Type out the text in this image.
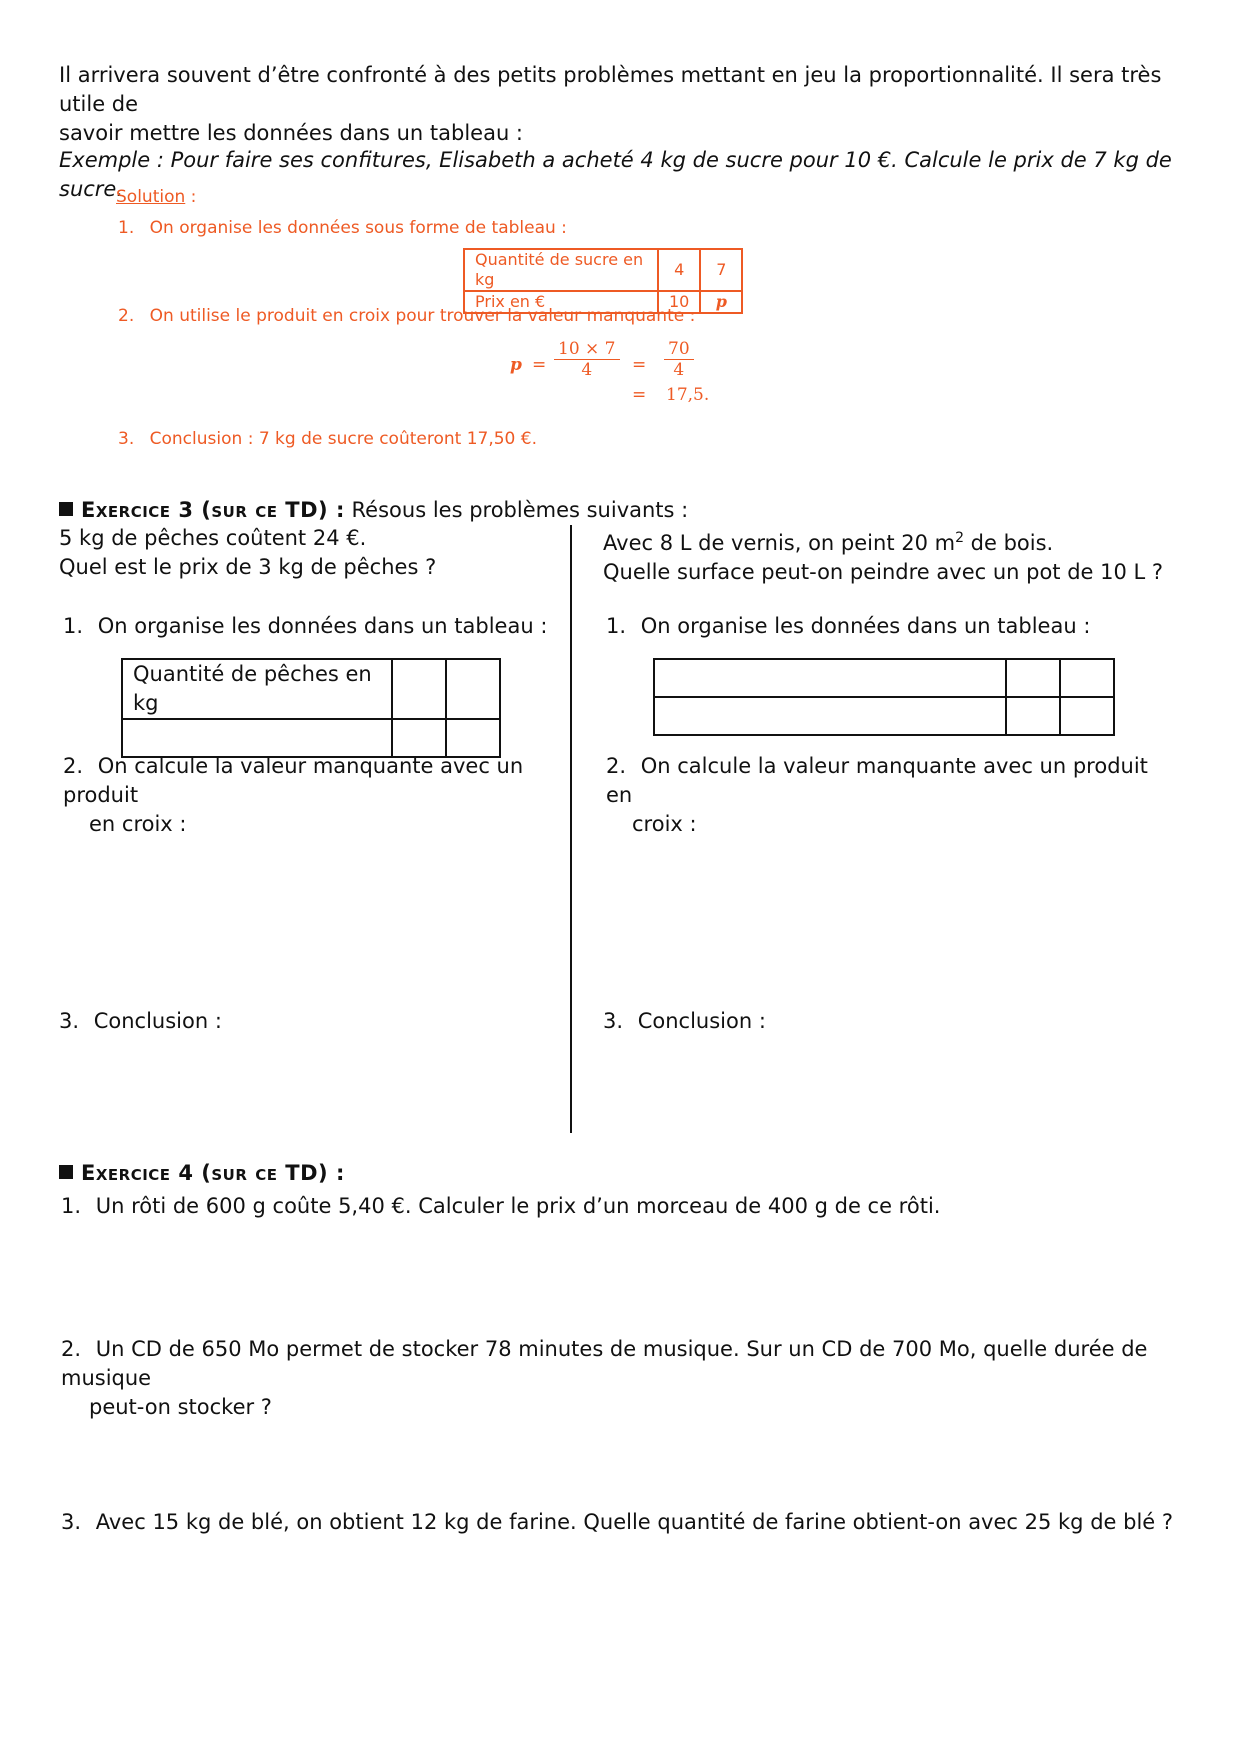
Il arrivera souvent d’être confronté à des petits problèmes mettant en jeu la proportionnalité. Il sera très utile de
savoir mettre les données dans un tableau :
Exemple : Pour faire ses confitures, Elisabeth a acheté 4 kg de sucre pour 10 €. Calcule le prix de 7 kg de sucre.
Solution :
1. On organise les données sous forme de tableau :
Quantité de sucre en kg	4	7
Prix en €	10	p
2. On utilise le produit en croix pour trouver la valeur manquante :
$p = \frac{10 \times 7}{4} = \frac{70}{4}$
= 17,5.
3. Conclusion : 7 kg de sucre coûteront 17,50 €.
Exercice 3 (sur ce TD) : Résous les problèmes suivants :
5 kg de pêches coûtent 24 €.
Quel est le prix de 3 kg de pêches ?
1. On organise les données dans un tableau :
Quantité de pêches en kg		

2. On calcule la valeur manquante avec un produit
en croix :
3. Conclusion :
Avec 8 L de vernis, on peint 20 $m^2$ de bois.
Quelle surface peut-on peindre avec un pot de 10 L ?
1. On organise les données dans un tableau :

2. On calcule la valeur manquante avec un produit en
croix :
3. Conclusion :
Exercice 4 (sur ce TD) :
1. Un rôti de 600 g coûte 5,40 €. Calculer le prix d’un morceau de 400 g de ce rôti.
2. Un CD de 650 Mo permet de stocker 78 minutes de musique. Sur un CD de 700 Mo, quelle durée de musique
peut-on stocker ?
3. Avec 15 kg de blé, on obtient 12 kg de farine. Quelle quantité de farine obtient-on avec 25 kg de blé ?
